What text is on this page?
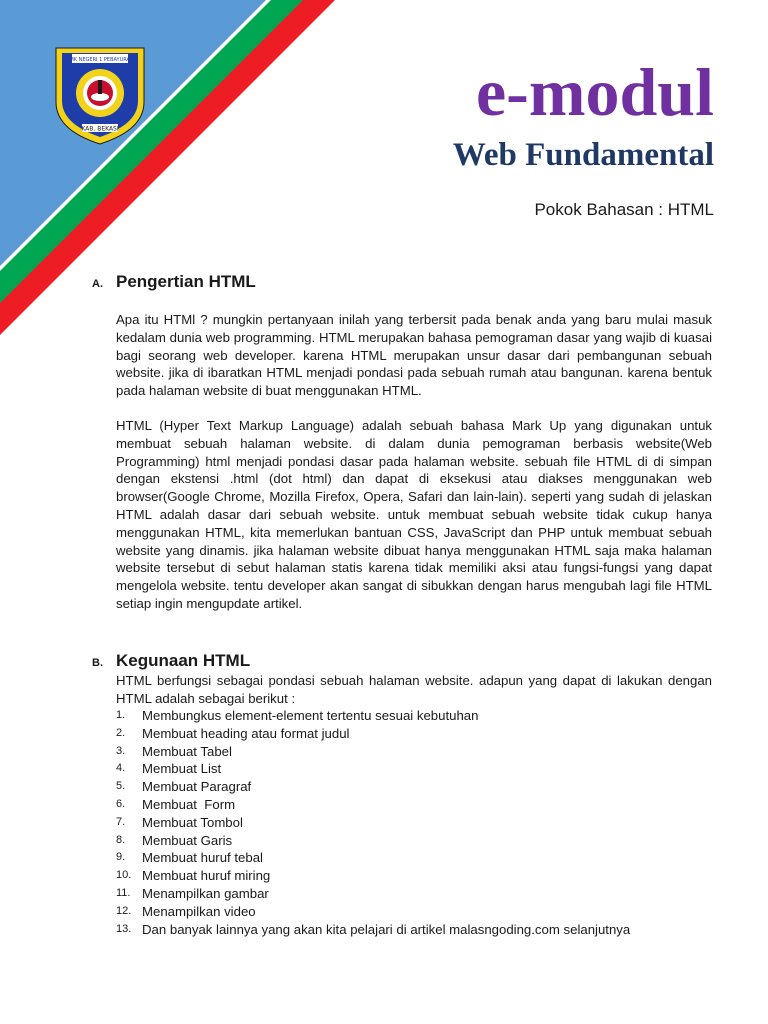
SMK NEGERI 1 PEBAYURAN
KAB. BEKASI	e-modul
Web Fundamental

Pokok Bahasan : HTML

A. Pengertian HTML

Apa itu HTMl ? mungkin pertanyaan inilah yang terbersit pada benak anda yang baru mulai masuk kedalam dunia web programming. HTML merupakan bahasa pemograman dasar yang wajib di kuasai bagi seorang web developer. karena HTML merupakan unsur dasar dari pembangunan sebuah website. jika di ibaratkan HTML menjadi pondasi pada sebuah rumah atau bangunan. karena bentuk pada halaman website di buat menggunakan HTML.

HTML (Hyper Text Markup Language) adalah sebuah bahasa Mark Up yang digunakan untuk membuat sebuah halaman website. di dalam dunia pemograman berbasis website(Web Programming) html menjadi pondasi dasar pada halaman website. sebuah file HTML di di simpan dengan ekstensi .html (dot html) dan dapat di eksekusi atau diakses menggunakan web browser(Google Chrome, Mozilla Firefox, Opera, Safari dan lain-lain). seperti yang sudah di jelaskan HTML adalah dasar dari sebuah website. untuk membuat sebuah website tidak cukup hanya menggunakan HTML, kita memerlukan bantuan CSS, JavaScript dan PHP untuk membuat sebuah website yang dinamis. jika halaman website dibuat hanya menggunakan HTML saja maka halaman website tersebut di sebut halaman statis karena tidak memiliki aksi atau fungsi-fungsi yang dapat mengelola website. tentu developer akan sangat di sibukkan dengan harus mengubah lagi file HTML setiap ingin mengupdate artikel.

B. Kegunaan HTML

HTML berfungsi sebagai pondasi sebuah halaman website. adapun yang dapat di lakukan dengan HTML adalah sebagai berikut :

1.	Membungkus element-element tertentu sesuai kebutuhan
2.	Membuat heading atau format judul
3.	Membuat Tabel
4.	Membuat List
5.	Membuat Paragraf
6.	Membuat  Form
7.	Membuat Tombol
8.	Membuat Garis
9.	Membuat huruf tebal
10. Membuat huruf miring
11. Menampilkan gambar
12. Menampilkan video
13. Dan banyak lainnya yang akan kita pelajari di artikel malasngoding.com selanjutnya
